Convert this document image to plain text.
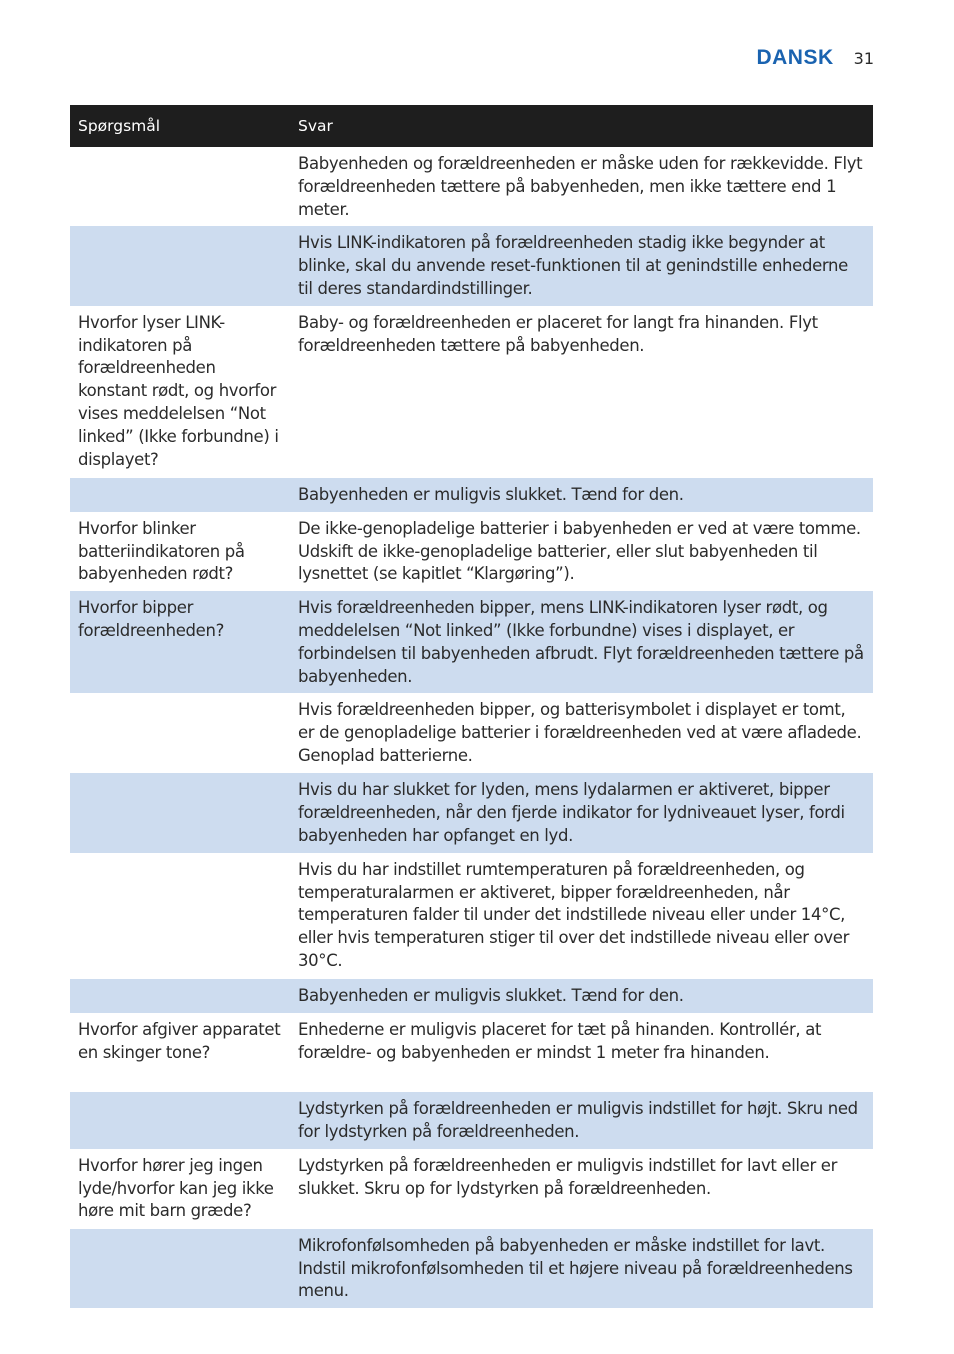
DANSK 31
Spørgsmål	Svar
	Babyenheden og forældreenheden er måske uden for rækkevidde. Flyt forældreenheden tættere på babyenheden, men ikke tættere end 1 meter.
	Hvis LINK-indikatoren på forældreenheden stadig ikke begynder at blinke, skal du anvende reset-funktionen til at genindstille enhederne til deres standardindstillinger.
Hvorfor lyser LINK-indikatoren på forældreenheden konstant rødt, og hvorfor vises meddelelsen “Not linked” (Ikke forbundne) i displayet?	Baby- og forældreenheden er placeret for langt fra hinanden. Flyt forældreenheden tættere på babyenheden.
	Babyenheden er muligvis slukket. Tænd for den.
Hvorfor blinker batteriindikatoren på babyenheden rødt?	De ikke-genopladelige batterier i babyenheden er ved at være tomme. Udskift de ikke-genopladelige batterier, eller slut babyenheden til lysnettet (se kapitlet “Klargøring”).
Hvorfor bipper forældreenheden?	Hvis forældreenheden bipper, mens LINK-indikatoren lyser rødt, og meddelelsen “Not linked” (Ikke forbundne) vises i displayet, er forbindelsen til babyenheden afbrudt. Flyt forældreenheden tættere på babyenheden.
	Hvis forældreenheden bipper, og batterisymbolet i displayet er tomt, er de genopladelige batterier i forældreenheden ved at være afladede. Genoplad batterierne.
	Hvis du har slukket for lyden, mens lydalarmen er aktiveret, bipper forældreenheden, når den fjerde indikator for lydniveauet lyser, fordi babyenheden har opfanget en lyd.
	Hvis du har indstillet rumtemperaturen på forældreenheden, og temperaturalarmen er aktiveret, bipper forældreenheden, når temperaturen falder til under det indstillede niveau eller under 14°C, eller hvis temperaturen stiger til over det indstillede niveau eller over 30°C.
	Babyenheden er muligvis slukket. Tænd for den.
Hvorfor afgiver apparatet en skinger tone?	Enhederne er muligvis placeret for tæt på hinanden. Kontrollér, at forældre- og babyenheden er mindst 1 meter fra hinanden.
	Lydstyrken på forældreenheden er muligvis indstillet for højt. Skru ned for lydstyrken på forældreenheden.
Hvorfor hører jeg ingen lyde/hvorfor kan jeg ikke høre mit barn græde?	Lydstyrken på forældreenheden er muligvis indstillet for lavt eller er slukket. Skru op for lydstyrken på forældreenheden.
	Mikrofonfølsomheden på babyenheden er måske indstillet for lavt. Indstil mikrofonfølsomheden til et højere niveau på forældreenhedens menu.
